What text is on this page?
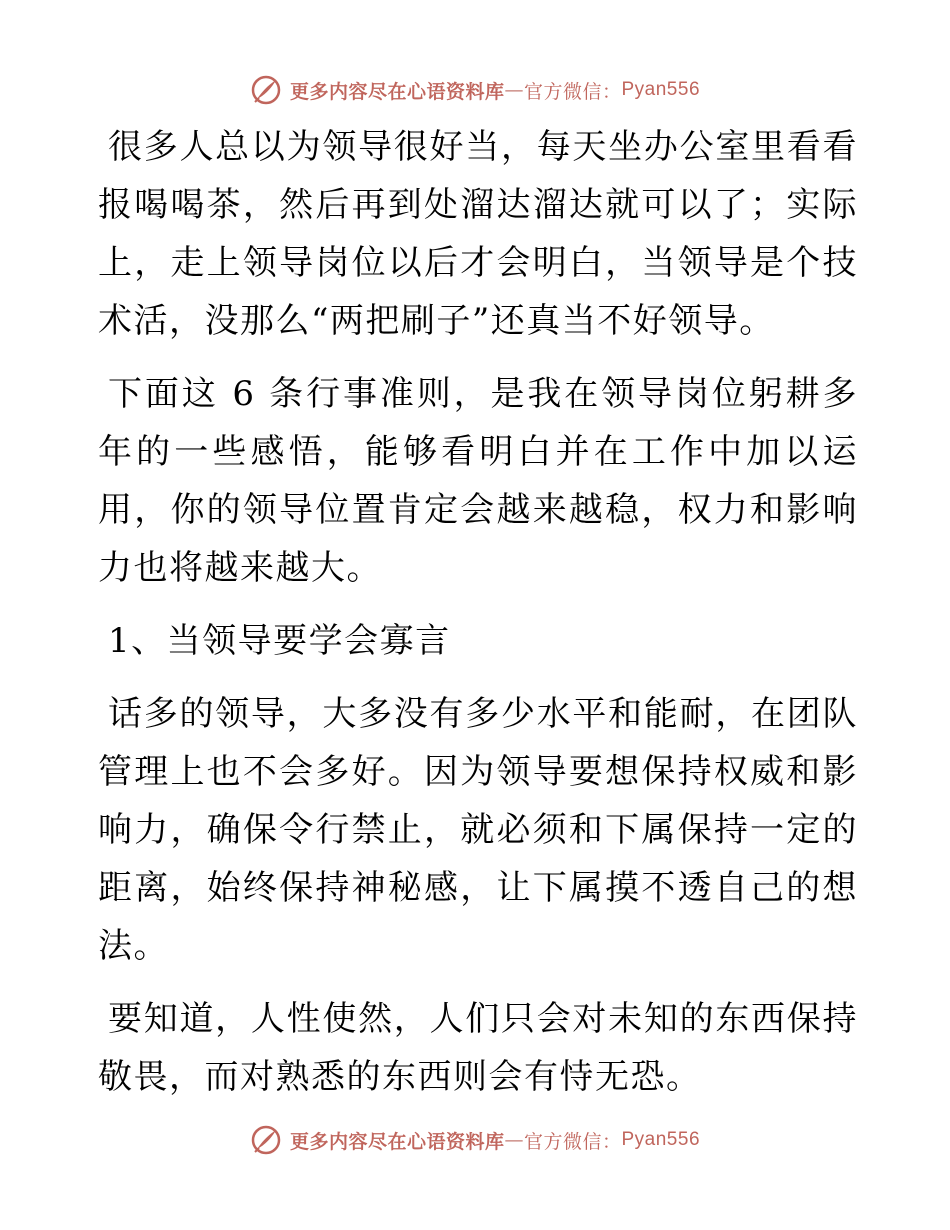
更多内容尽在心语资料库 — 官方微信： Pyan556

很多人总以为领导很好当，每天坐办公室里看看报喝喝茶，然后再到处溜达溜达就可以了；实际上，走上领导岗位以后才会明白，当领导是个技术活，没那么“两把刷子”还真当不好领导。

下面这 6 条行事准则，是我在领导岗位躬耕多年的一些感悟，能够看明白并在工作中加以运用，你的领导位置肯定会越来越稳，权力和影响力也将越来越大。

1、当领导要学会寡言

话多的领导，大多没有多少水平和能耐，在团队管理上也不会多好。因为领导要想保持权威和影响力，确保令行禁止，就必须和下属保持一定的距离，始终保持神秘感，让下属摸不透自己的想法。

要知道，人性使然，人们只会对未知的东西保持敬畏，而对熟悉的东西则会有恃无恐。

更多内容尽在心语资料库 — 官方微信： Pyan556
